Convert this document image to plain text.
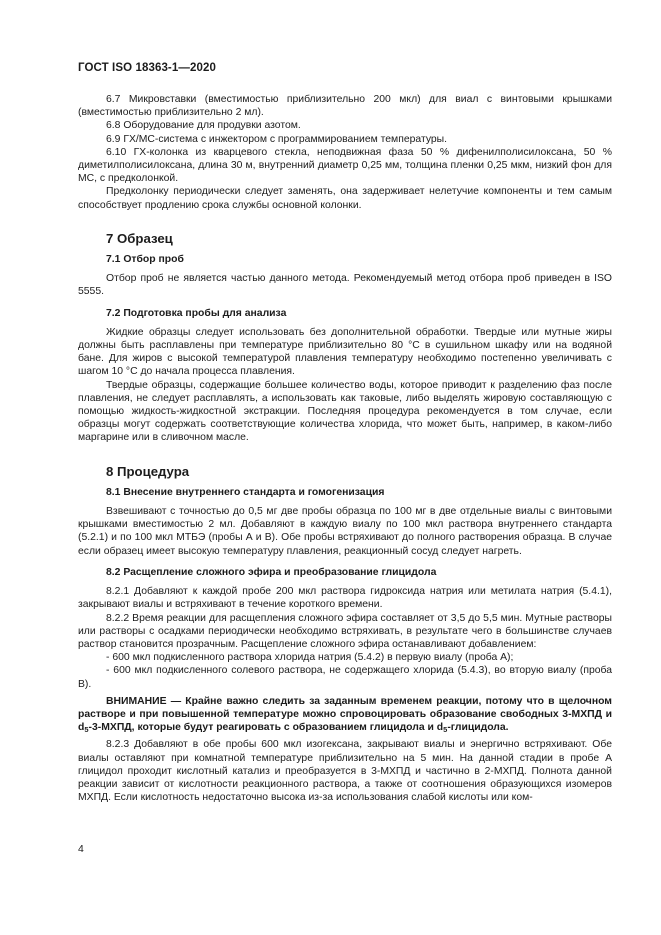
ГОСТ ISO 18363-1—2020

6.7 Микровставки (вместимостью приблизительно 200 мкл) для виал с винтовыми крышками (вместимостью приблизительно 2 мл).

6.8 Оборудование для продувки азотом.

6.9 ГХ/МС-система с инжектором с программированием температуры.

6.10 ГХ-колонка из кварцевого стекла, неподвижная фаза 50 % дифенилполисилоксана, 50 % диметилполисилоксана, длина 30 м, внутренний диаметр 0,25 мм, толщина пленки 0,25 мкм, низкий фон для МС, с предколонкой.

Предколонку периодически следует заменять, она задерживает нелетучие компоненты и тем самым способствует продлению срока службы основной колонки.

7 Образец

7.1 Отбор проб

Отбор проб не является частью данного метода. Рекомендуемый метод отбора проб приведен в ISO 5555.

7.2 Подготовка пробы для анализа

Жидкие образцы следует использовать без дополнительной обработки. Твердые или мутные жиры должны быть расплавлены при температуре приблизительно 80 °С в сушильном шкафу или на водяной бане. Для жиров с высокой температурой плавления температуру необходимо постепенно увеличивать с шагом 10 °С до начала процесса плавления.

Твердые образцы, содержащие большее количество воды, которое приводит к разделению фаз после плавления, не следует расплавлять, а использовать как таковые, либо выделять жировую составляющую с помощью жидкость-жидкостной экстракции. Последняя процедура рекомендуется в том случае, если образцы могут содержать соответствующие количества хлорида, что может быть, например, в каком-либо маргарине или в сливочном масле.

8 Процедура

8.1 Внесение внутреннего стандарта и гомогенизация

Взвешивают с точностью до 0,5 мг две пробы образца по 100 мг в две отдельные виалы с винтовыми крышками вместимостью 2 мл. Добавляют в каждую виалу по 100 мкл раствора внутреннего стандарта (5.2.1) и по 100 мкл МТБЭ (пробы А и В). Обе пробы встряхивают до полного растворения образца. В случае если образец имеет высокую температуру плавления, реакционный сосуд следует нагреть.

8.2 Расщепление сложного эфира и преобразование глицидола

8.2.1 Добавляют к каждой пробе 200 мкл раствора гидроксида натрия или метилата натрия (5.4.1), закрывают виалы и встряхивают в течение короткого времени.

8.2.2 Время реакции для расщепления сложного эфира составляет от 3,5 до 5,5 мин. Мутные растворы или растворы с осадками периодически необходимо встряхивать, в результате чего в большинстве случаев раствор становится прозрачным. Расщепление сложного эфира останавливают добавлением:

- 600 мкл подкисленного раствора хлорида натрия (5.4.2) в первую виалу (проба А);

- 600 мкл подкисленного солевого раствора, не содержащего хлорида (5.4.3), во вторую виалу (проба В).

ВНИМАНИЕ — Крайне важно следить за заданным временем реакции, потому что в щелочном растворе и при повышенной температуре можно спровоцировать образование свободных 3-МХПД и $d_5-3$-МХПД, которые будут реагировать с образованием глицидола и $d_5$-глицидола.

8.2.3 Добавляют в обе пробы 600 мкл изогексана, закрывают виалы и энергично встряхивают. Обе виалы оставляют при комнатной температуре приблизительно на 5 мин. На данной стадии в пробе А глицидол проходит кислотный катализ и преобразуется в 3-МХПД и частично в 2-МХПД. Полнота данной реакции зависит от кислотности реакционного раствора, а также от соотношения образующихся изомеров МХПД. Если кислотность недостаточно высока из-за использования слабой кислоты или ком-

4
